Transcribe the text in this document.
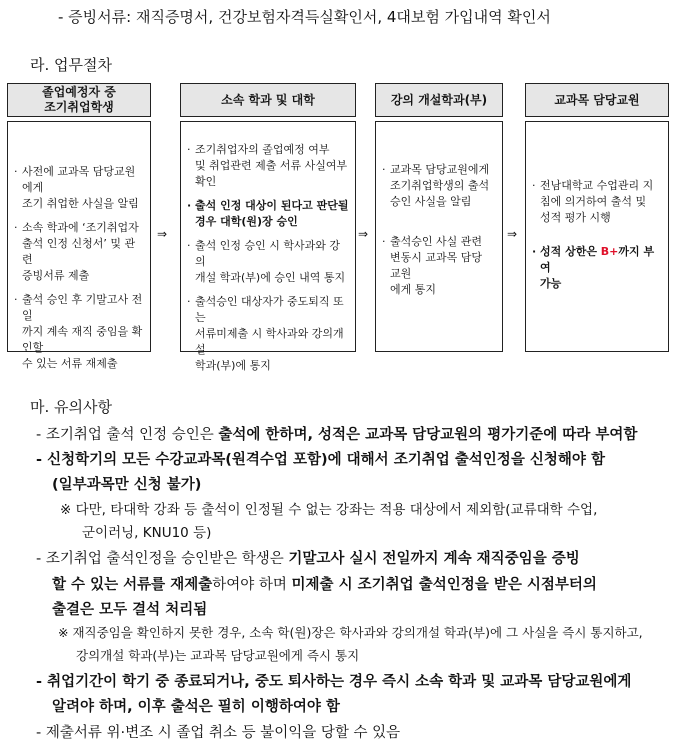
- 증빙서류: 재직증명서, 건강보험자격득실확인서, 4대보험 가입내역 확인서
라. 업무절차
졸업예정자 중
조기취업학생
· 사전에 교과목 담당교원에게
조기 취업한 사실을 알림
· 소속 학과에 ‘조기취업자
출석 인정 신청서’ 및 관련
증빙서류 제출
· 출석 승인 후 기말고사 전일
까지 계속 재직 중임을 확인할
수 있는 서류 재제출
⇒
소속 학과 및 대학
· 조기취업자의 졸업예정 여부
및 취업관련 제출 서류 사실여부
확인
· 출석 인정 대상이 된다고 판단될
경우 대학(원)장 승인
· 출석 인정 승인 시 학사과와 강의
개설 학과(부)에 승인 내역 통지
· 출석승인 대상자가 중도퇴직 또는
서류미제출 시 학사과와 강의개설
학과(부)에 통지
⇒
강의 개설학과(부)
· 교과목 담당교원에게
조기취업학생의 출석
승인 사실을 알림
· 출석승인 사실 관련
변동시 교과목 담당 교원
에게 통지
⇒
교과목 담당교원
· 전남대학교 수업관리 지
침에 의거하여 출석 및
성적 평가 시행
· 성적 상한은 B+까지 부여
가능
마. 유의사항
- 조기취업 출석 인정 승인은 출석에 한하며, 성적은 교과목 담당교원의 평가기준에 따라 부여함
- 신청학기의 모든 수강교과목(원격수업 포함)에 대해서 조기취업 출석인정을 신청해야 함
(일부과목만 신청 불가)
※ 다만, 타대학 강좌 등 출석이 인정될 수 없는 강좌는 적용 대상에서 제외함(교류대학 수업,
군이러닝, KNU10 등)
- 조기취업 출석인정을 승인받은 학생은 기말고사 실시 전일까지 계속 재직중임을 증빙
할 수 있는 서류를 재제출하여야 하며 미제출 시 조기취업 출석인정을 받은 시점부터의
출결은 모두 결석 처리됨
※ 재직중임을 확인하지 못한 경우, 소속 학(원)장은 학사과와 강의개설 학과(부)에 그 사실을 즉시 통지하고,
강의개설 학과(부)는 교과목 담당교원에게 즉시 통지
- 취업기간이 학기 중 종료되거나, 중도 퇴사하는 경우 즉시 소속 학과 및 교과목 담당교원에게
알려야 하며, 이후 출석은 필히 이행하여야 함
- 제출서류 위·변조 시 졸업 취소 등 불이익을 당할 수 있음
